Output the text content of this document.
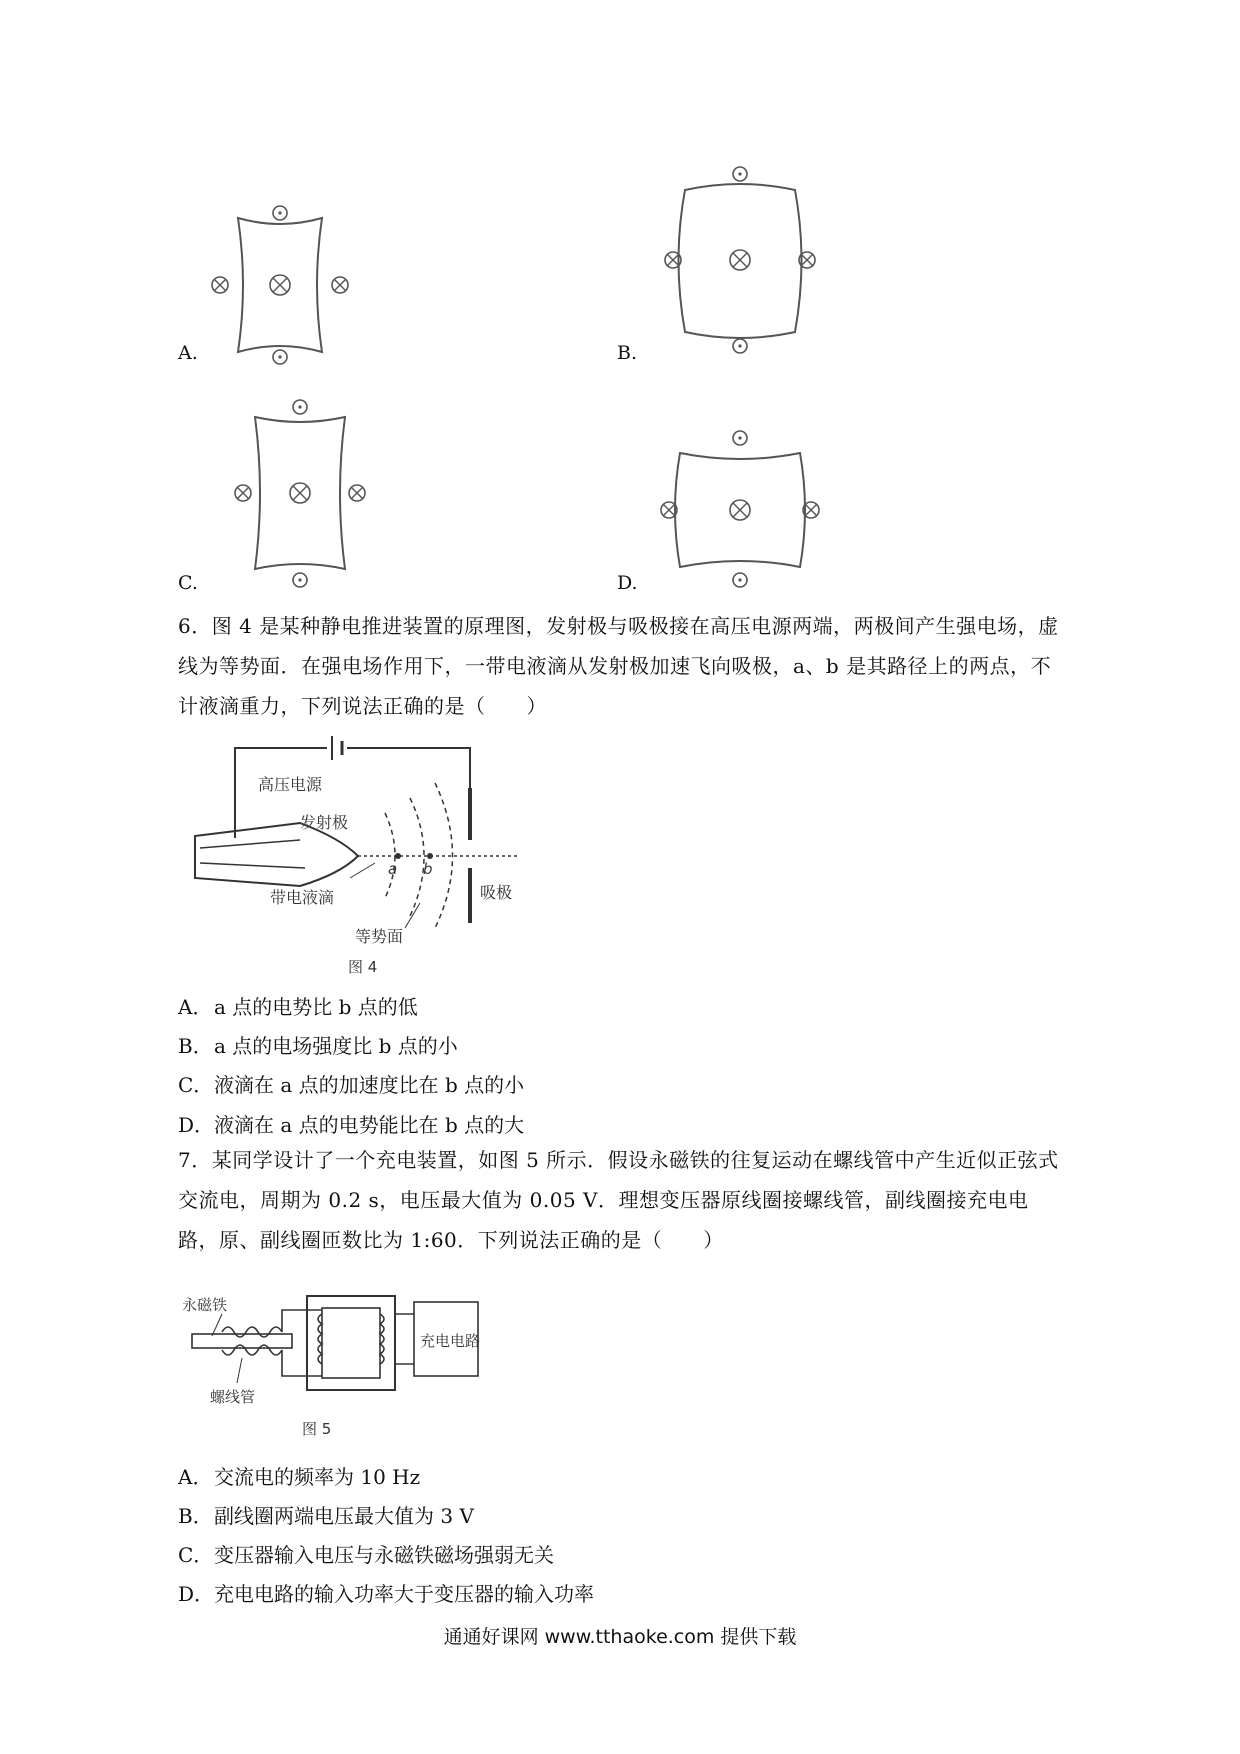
A.	B.
C.	D.

6．图 4 是某种静电推进装置的原理图，发射极与吸极接在高压电源两端，两极间产生强电场，虚线为等势面．在强电场作用下，一带电液滴从发射极加速飞向吸极，a、b 是其路径上的两点，不计液滴重力，下列说法正确的是（　　）

高压电源
发射极
a b
吸极
带电液滴
等势面
图 4
A．a 点的电势比 b 点的低
B．a 点的电场强度比 b 点的小
C．液滴在 a 点的加速度比在 b 点的小
D．液滴在 a 点的电势能比在 b 点的大

7．某同学设计了一个充电装置，如图 5 所示．假设永磁铁的往复运动在螺线管中产生近似正弦式交流电，周期为 0.2 s，电压最大值为 0.05 V．理想变压器原线圈接螺线管，副线圈接充电电路，原、副线圈匝数比为 1:60．下列说法正确的是（　　）

永磁铁
充电电路
螺线管
图 5
A．交流电的频率为 10 Hz
B．副线圈两端电压最大值为 3 V
C．变压器输入电压与永磁铁磁场强弱无关
D．充电电路的输入功率大于变压器的输入功率
通通好课网 www.tthaoke.com 提供下载
